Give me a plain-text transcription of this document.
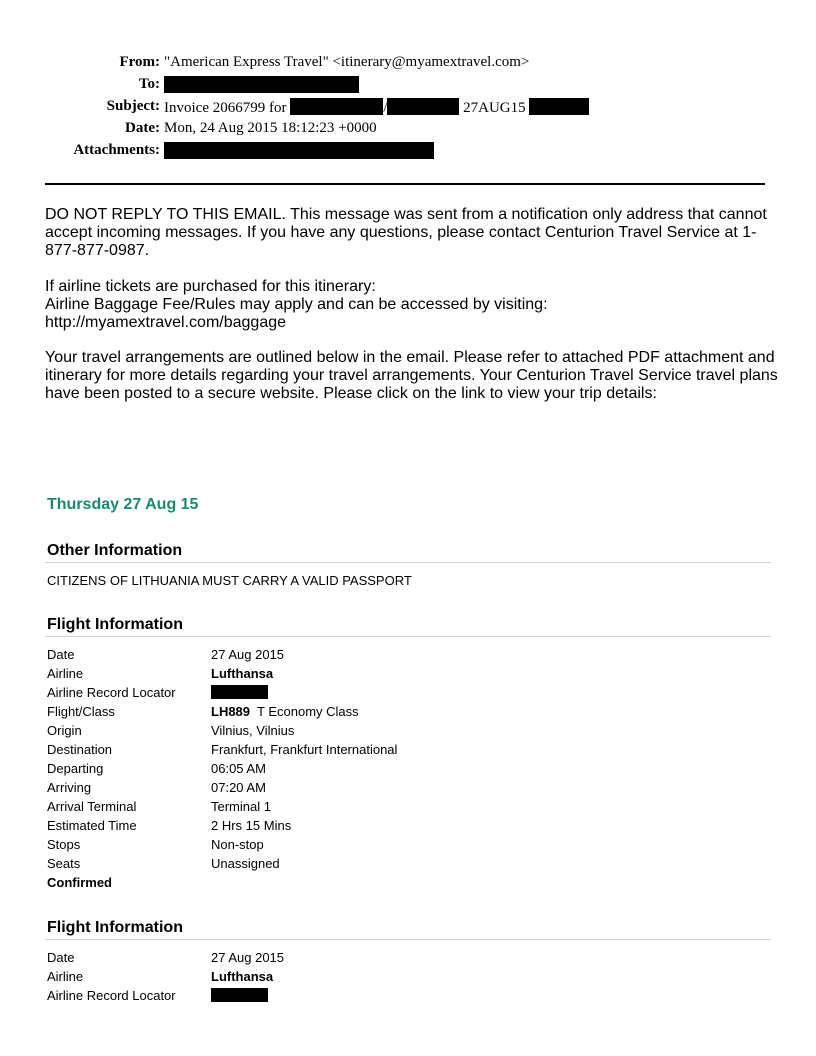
From: "American Express Travel" <itinerary@myamextravel.com>
To:
Subject: Invoice 2066799 for	/	27AUG15
Date: Mon, 24 Aug 2015 18:12:23 +0000
Attachments:

DO NOT REPLY TO THIS EMAIL. This message was sent from a notification only address that cannot accept incoming messages. If you have any questions, please contact Centurion Travel Service at 1-877-877-0987.

If airline tickets are purchased for this itinerary:

Airline Baggage Fee/Rules may apply and can be accessed by visiting:

http://myamextravel.com/baggage

Your travel arrangements are outlined below in the email. Please refer to attached PDF attachment and itinerary for more details regarding your travel arrangements. Your Centurion Travel Service travel plans have been posted to a secure website. Please click on the link to view your trip details:

Thursday 27 Aug 15
Other Information
CITIZENS OF LITHUANIA MUST CARRY A VALID PASSPORT
Flight Information
Date	27 Aug 2015
Airline	Lufthansa
Airline Record Locator
Flight/Class	LH889 T Economy Class
Origin	Vilnius, Vilnius
Destination	Frankfurt, Frankfurt International
Departing	06:05 AM
Arriving	07:20 AM
Arrival Terminal	Terminal 1
Estimated Time	2 Hrs 15 Mins
Stops	Non-stop
Seats	Unassigned
Confirmed
Flight Information
Date	27 Aug 2015
Airline	Lufthansa
Airline Record Locator
